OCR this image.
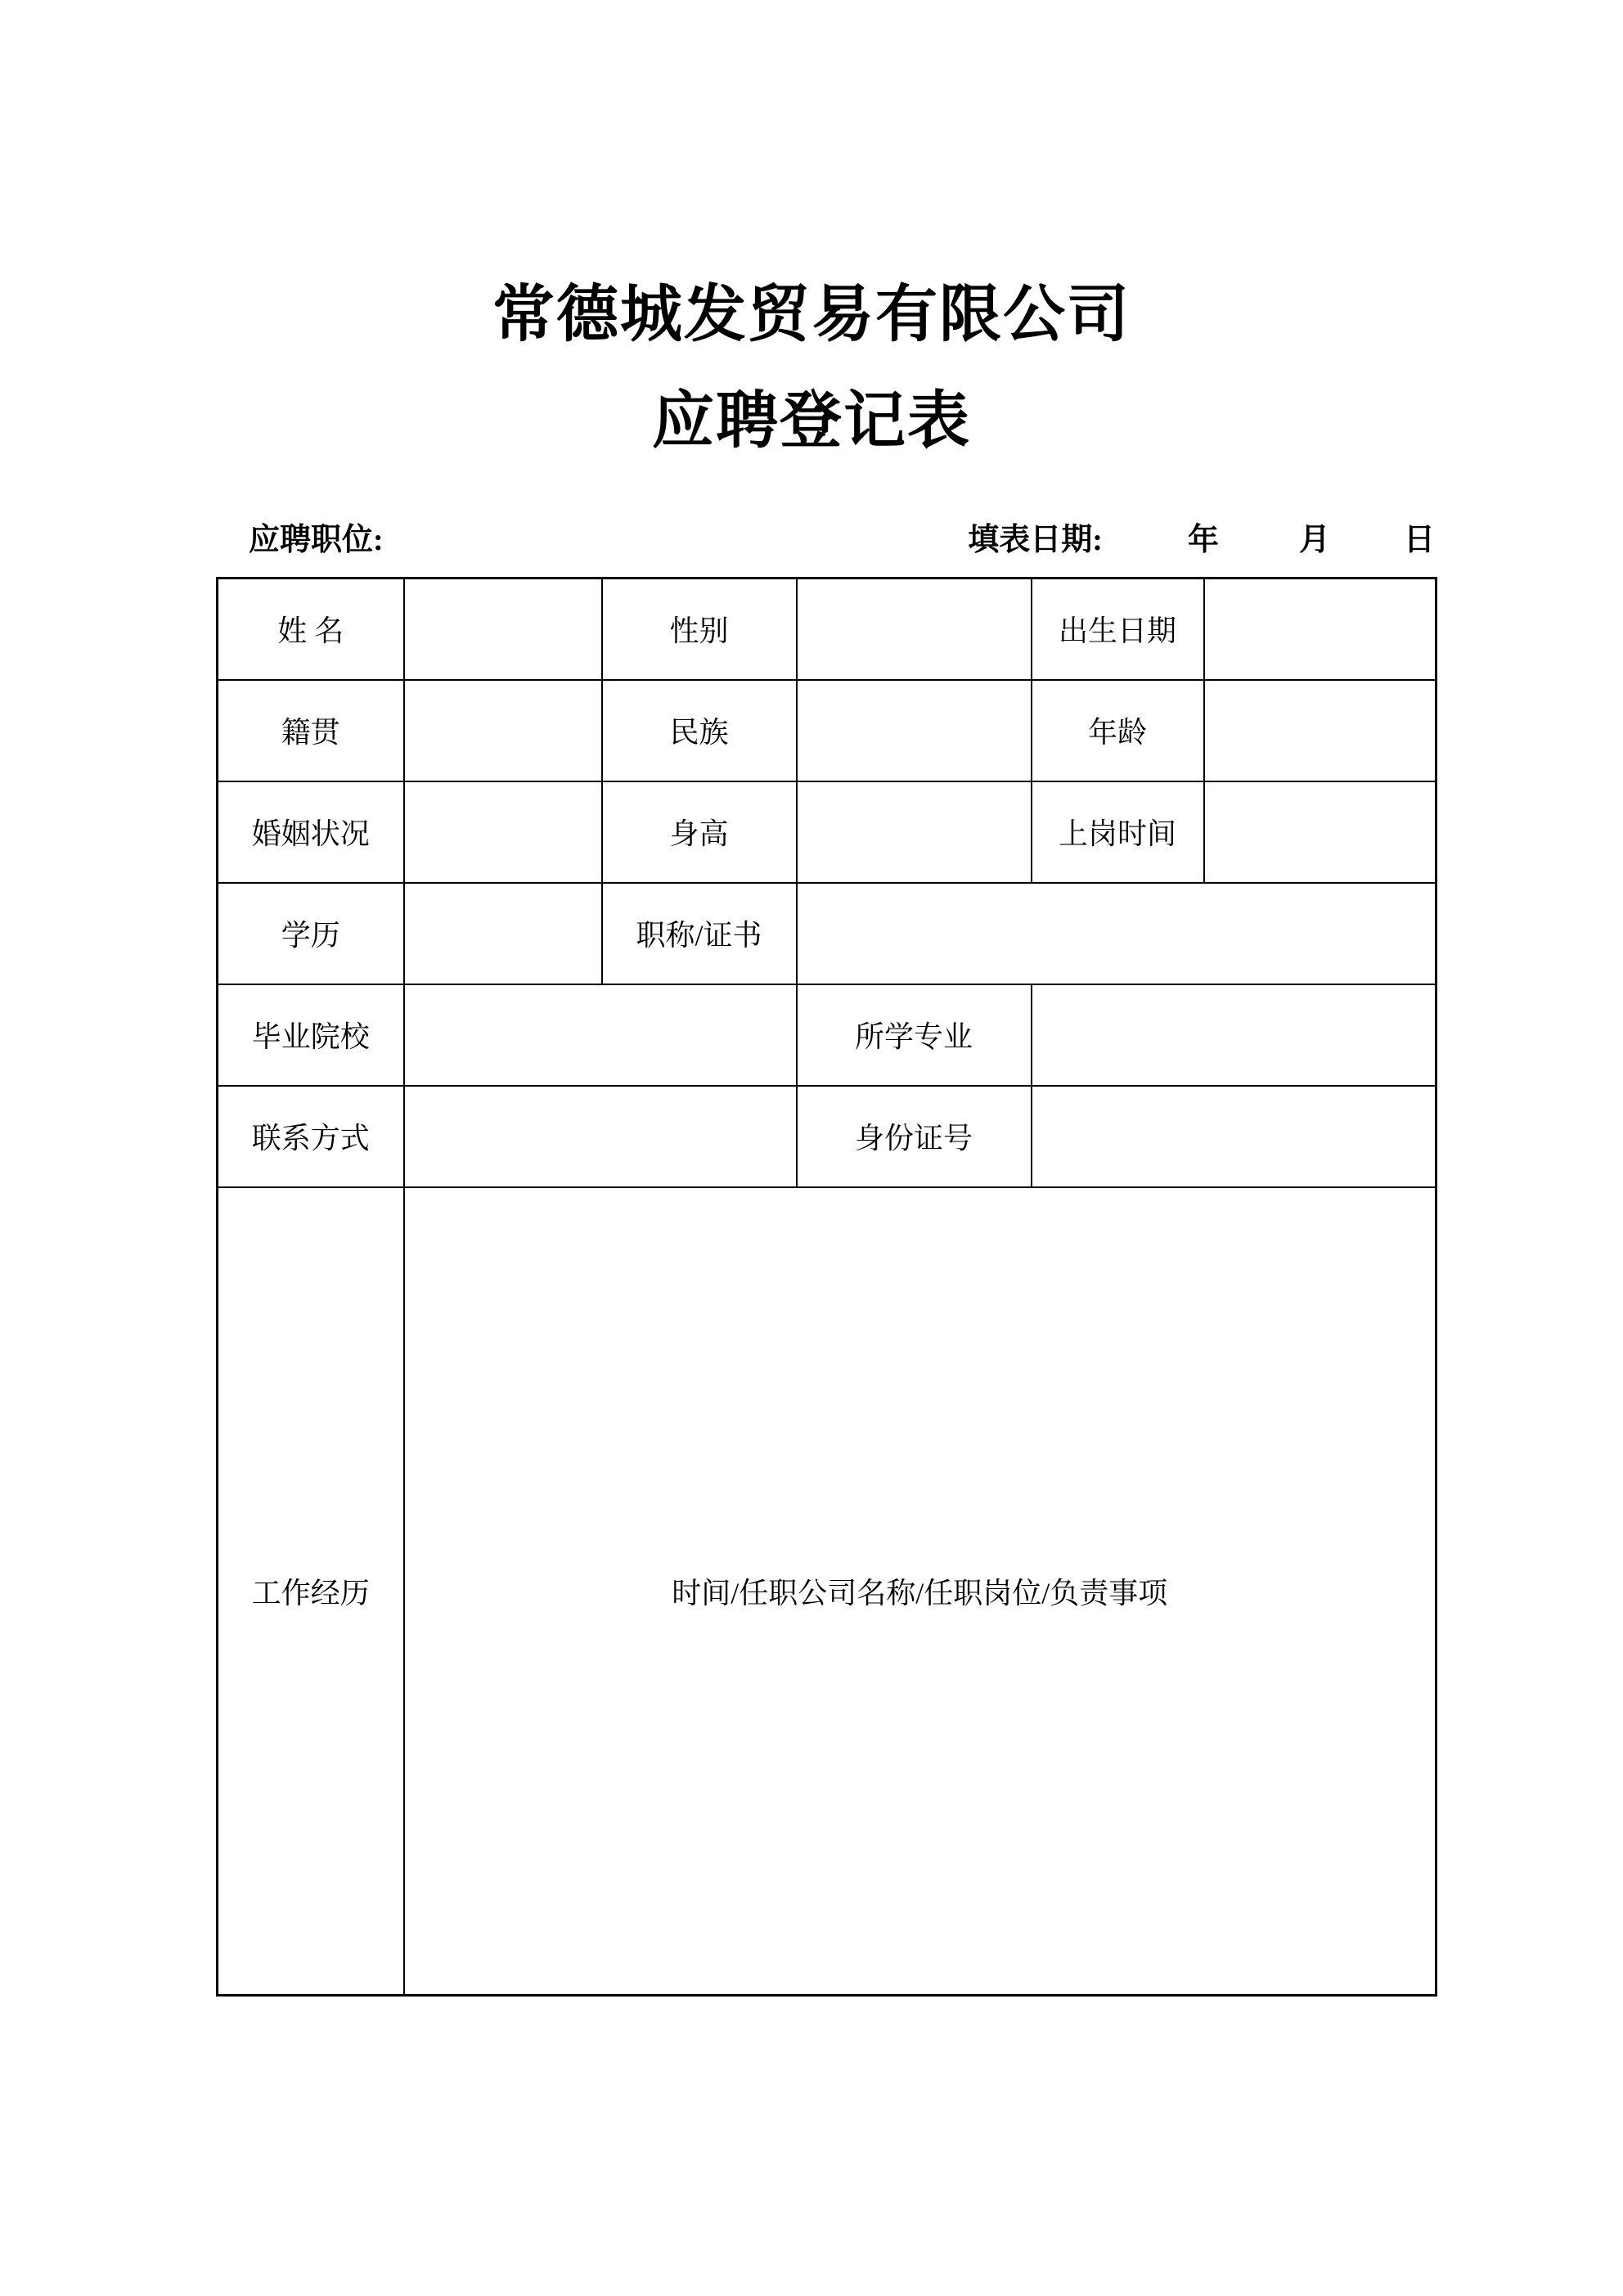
常德城发贸易有限公司
应聘登记表
应聘职位:	填表日期:	年	月 日
姓 名		性别		出生日期	
籍贯		民族		年龄	
婚姻状况		身高		上岗时间	
学历		职称/证书			
毕业院校			所学专业		
联系方式			身份证号		
工作经历	时间/任职公司名称/任职岗位/负责事项				
